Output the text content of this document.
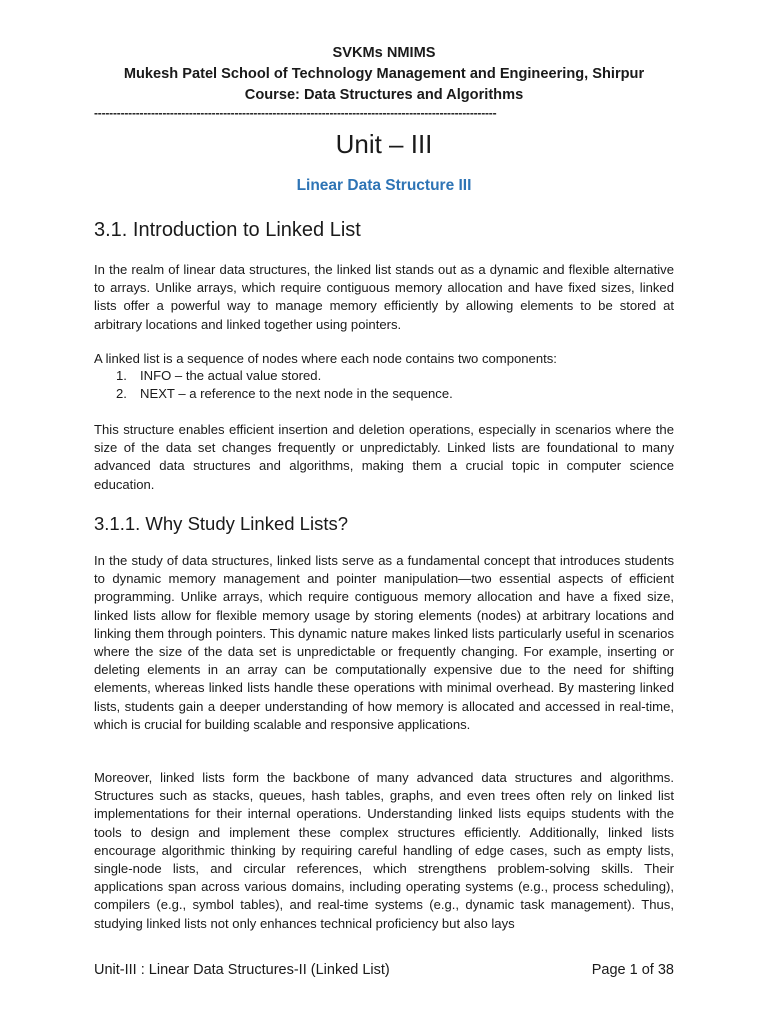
SVKMs NMIMS
Mukesh Patel School of Technology Management and Engineering, Shirpur
Course: Data Structures and Algorithms
----------------------------------------------------------------------------------------------------------
Unit – III
Linear Data Structure III
3.1. Introduction to Linked List

In the realm of linear data structures, the linked list stands out as a dynamic and flexible alternative to arrays. Unlike arrays, which require contiguous memory allocation and have fixed sizes, linked lists offer a powerful way to manage memory efficiently by allowing elements to be stored at arbitrary locations and linked together using pointers.

A linked list is a sequence of nodes where each node contains two components:

1. INFO – the actual value stored.
2. NEXT – a reference to the next node in the sequence.

This structure enables efficient insertion and deletion operations, especially in scenarios where the size of the data set changes frequently or unpredictably. Linked lists are foundational to many advanced data structures and algorithms, making them a crucial topic in computer science education.

3.1.1. Why Study Linked Lists?

In the study of data structures, linked lists serve as a fundamental concept that introduces students to dynamic memory management and pointer manipulation—two essential aspects of efficient programming. Unlike arrays, which require contiguous memory allocation and have a fixed size, linked lists allow for flexible memory usage by storing elements (nodes) at arbitrary locations and linking them through pointers. This dynamic nature makes linked lists particularly useful in scenarios where the size of the data set is unpredictable or frequently changing. For example, inserting or deleting elements in an array can be computationally expensive due to the need for shifting elements, whereas linked lists handle these operations with minimal overhead. By mastering linked lists, students gain a deeper understanding of how memory is allocated and accessed in real-time, which is crucial for building scalable and responsive applications.

Moreover, linked lists form the backbone of many advanced data structures and algorithms. Structures such as stacks, queues, hash tables, graphs, and even trees often rely on linked list implementations for their internal operations. Understanding linked lists equips students with the tools to design and implement these complex structures efficiently. Additionally, linked lists encourage algorithmic thinking by requiring careful handling of edge cases, such as empty lists, single-node lists, and circular references, which strengthens problem-solving skills. Their applications span across various domains, including operating systems (e.g., process scheduling), compilers (e.g., symbol tables), and real-time systems (e.g., dynamic task management). Thus, studying linked lists not only enhances technical proficiency but also lays

Unit-III : Linear Data Structures-II (Linked List)	Page 1 of 38
